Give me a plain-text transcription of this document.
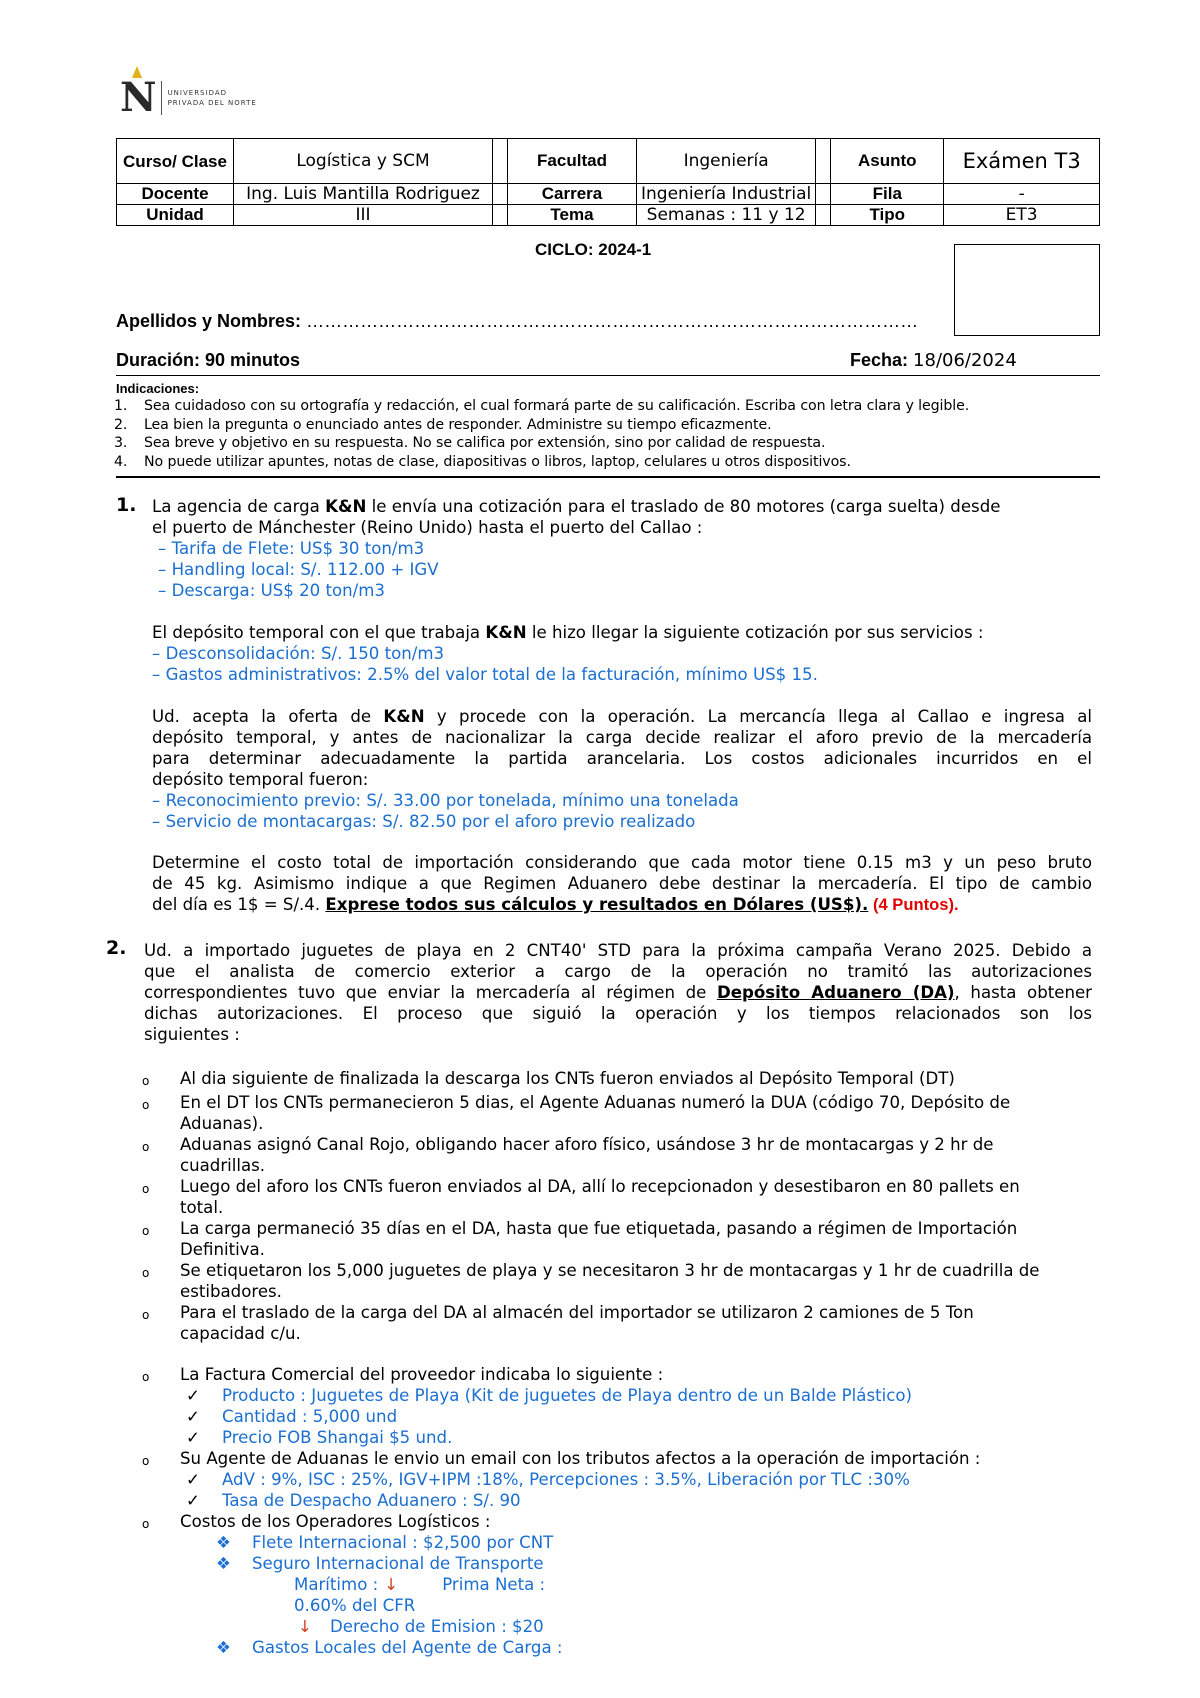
N UNIVERSIDAD
PRIVADA DEL NORTE
Curso/ Clase	Logística y SCM		Facultad	Ingeniería		Asunto	Exámen T3
Docente	Ing. Luis Mantilla Rodriguez		Carrera	Ingeniería Industrial		Fila	-
Unidad	III		Tema	Semanas : 11 y 12		Tipo	ET3
CICLO: 2024-1
Apellidos y Nombres: …………………………………………………………………………………………
Duración: 90 minutos	Fecha: 18/06/2024
Indicaciones:
1. Sea cuidadoso con su ortografía y redacción, el cual formará parte de su calificación. Escriba con letra clara y legible.
2. Lea bien la pregunta o enunciado antes de responder. Administre su tiempo eficazmente.
3. Sea breve y objetivo en su respuesta. No se califica por extensión, sino por calidad de respuesta.
4. No puede utilizar apuntes, notas de clase, diapositivas o libros, laptop, celulares u otros dispositivos.
1. La agencia de carga K&N le envía una cotización para el traslado de 80 motores (carga suelta) desde
el puerto de Mánchester (Reino Unido) hasta el puerto del Callao :
– Tarifa de Flete: US$ 30 ton/m3
– Handling local: S/. 112.00 + IGV
– Descarga: US$ 20 ton/m3
El depósito temporal con el que trabaja K&N le hizo llegar la siguiente cotización por sus servicios :
– Desconsolidación: S/. 150 ton/m3
– Gastos administrativos: 2.5% del valor total de la facturación, mínimo US$ 15.
Ud. acepta la oferta de K&N y procede con la operación. La mercancía llega al Callao e ingresa al
depósito temporal, y antes de nacionalizar la carga decide realizar el aforo previo de la mercadería
para determinar adecuadamente la partida arancelaria. Los costos adicionales incurridos en el
depósito temporal fueron:
– Reconocimiento previo: S/. 33.00 por tonelada, mínimo una tonelada
– Servicio de montacargas: S/. 82.50 por el aforo previo realizado
Determine el costo total de importación considerando que cada motor tiene 0.15 m3 y un peso bruto
de 45 kg. Asimismo indique a que Regimen Aduanero debe destinar la mercadería. El tipo de cambio
del día es 1$ = S/.4. Exprese todos sus cálculos y resultados en Dólares (US$). (4 Puntos).
2. Ud. a importado juguetes de playa en 2 CNT40' STD para la próxima campaña Verano 2025. Debido a
que el analista de comercio exterior a cargo de la operación no tramitó las autorizaciones
correspondientes tuvo que enviar la mercadería al régimen de Depósito Aduanero (DA), hasta obtener
dichas autorizaciones. El proceso que siguió la operación y los tiempos relacionados son los
siguientes :
o	Al dia siguiente de finalizada la descarga los CNTs fueron enviados al Depósito Temporal (DT)
o	En el DT los CNTs permanecieron 5 dias, el Agente Aduanas numeró la DUA (código 70, Depósito de
Aduanas).
o	Aduanas asignó Canal Rojo, obligando hacer aforo físico, usándose 3 hr de montacargas y 2 hr de
cuadrillas.
o	Luego del aforo los CNTs fueron enviados al DA, allí lo recepcionadon y desestibaron en 80 pallets en
total.
o	La carga permaneció 35 días en el DA, hasta que fue etiquetada, pasando a régimen de Importación
Definitiva.
o	Se etiquetaron los 5,000 juguetes de playa y se necesitaron 3 hr de montacargas y 1 hr de cuadrilla de
estibadores.
o	Para el traslado de la carga del DA al almacén del importador se utilizaron 2 camiones de 5 Ton
capacidad c/u.
o	La Factura Comercial del proveedor indicaba lo siguiente :
✓ Producto : Juguetes de Playa (Kit de juguetes de Playa dentro de un Balde Plástico)
✓ Cantidad : 5,000 und
✓ Precio FOB Shangai $5 und.
o	Su Agente de Aduanas le envio un email con los tributos afectos a la operación de importación :
✓ AdV : 9%, ISC : 25%, IGV+IPM :18%, Percepciones : 3.5%, Liberación por TLC :30%
✓ Tasa de Despacho Aduanero : S/. 90
o	Costos de los Operadores Logísticos :
❖ Flete Internacional : $2,500 por CNT
❖ Seguro Internacional de Transporte
Marítimo : ↓	Prima Neta :
0.60% del CFR
↓ Derecho de Emision : $20
❖ Gastos Locales del Agente de Carga :
